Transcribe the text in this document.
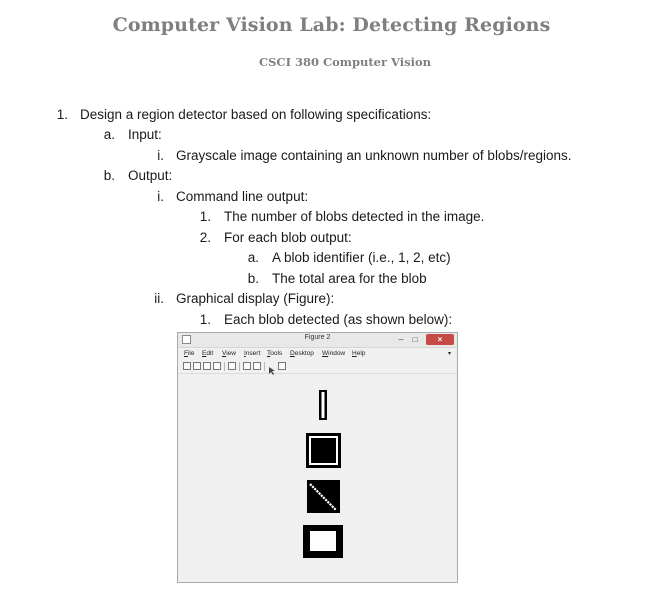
Computer Vision Lab: Detecting Regions
CSCI 380 Computer Vision
1. Design a region detector based on following specifications:
a. Input:
i. Grayscale image containing an unknown number of blobs/regions.
b. Output:
i. Command line output:
1. The number of blobs detected in the image.
2. For each blob output:
a. A blob identifier (i.e., 1, 2, etc)
b. The total area for the blob
ii. Graphical display (Figure):
1. Each blob detected (as shown below):
Figure 2	–	□	×
File Edit View Insert Tools Desktop Window Help	▾
